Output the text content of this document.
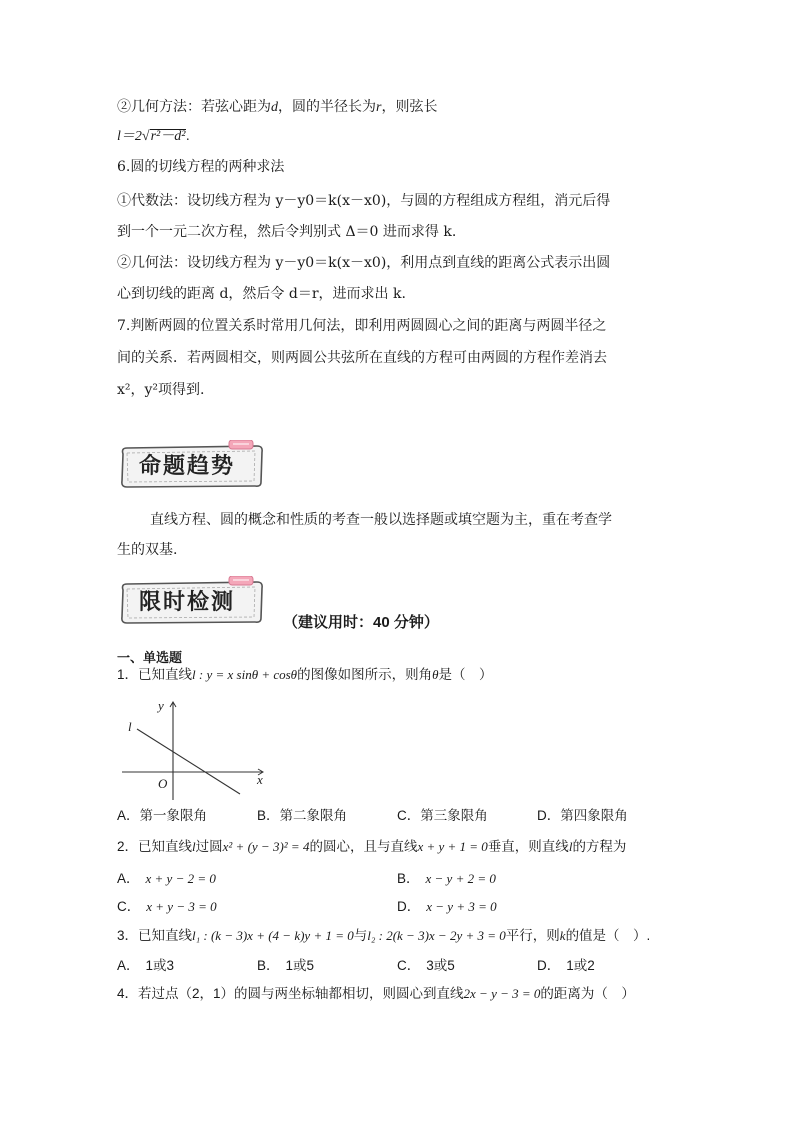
②几何方法：若弦心距为d，圆的半径长为r，则弦长
l＝2√r²－d².
6.圆的切线方程的两种求法
①代数法：设切线方程为 y－y0＝k(x－x0)，与圆的方程组成方程组，消元后得
到一个一元二次方程，然后令判别式 Δ＝0 进而求得 k.
②几何法：设切线方程为 y－y0＝k(x－x0)，利用点到直线的距离公式表示出圆
心到切线的距离 d，然后令 d＝r，进而求出 k.
7.判断两圆的位置关系时常用几何法，即利用两圆圆心之间的距离与两圆半径之
间的关系．若两圆相交，则两圆公共弦所在直线的方程可由两圆的方程作差消去
x²，y²项得到.
命题趋势
直线方程、圆的概念和性质的考查一般以选择题或填空题为主，重在考查学
生的双基.
限时检测
（建议用时：40 分钟）
一、单选题
1．已知直线l : y = x sinθ + cosθ的图像如图所示，则角θ是（　）
y
x
O
l
A．第一象限角	B．第二象限角	C．第三象限角	D．第四象限角
2．已知直线l过圆x² + (y − 3)² = 4的圆心，且与直线x + y + 1 = 0垂直，则直线l的方程为
A． x + y − 2 = 0	B． x − y + 2 = 0
C． x + y − 3 = 0	D． x − y + 3 = 0
3．已知直线l₁ : (k − 3)x + (4 − k)y + 1 = 0与l₂ : 2(k − 3)x − 2y + 3 = 0平行，则k的值是（　）.
A． 1或3	B． 1或5	C． 3或5	D． 1或2
4．若过点（2，1）的圆与两坐标轴都相切，则圆心到直线2x − y − 3 = 0的距离为（　）
